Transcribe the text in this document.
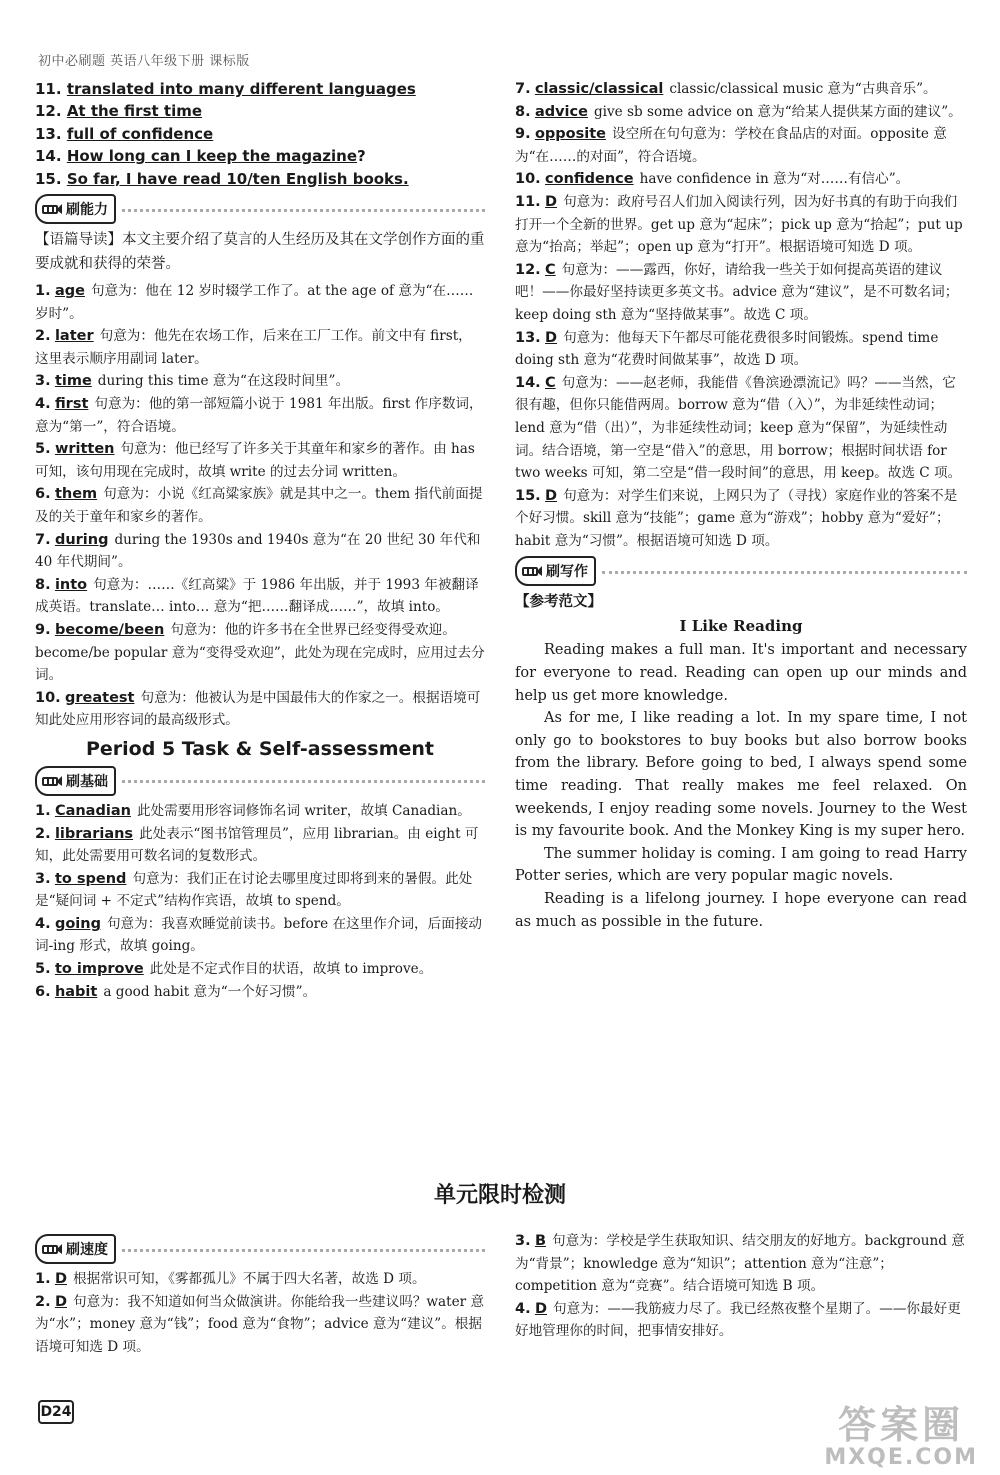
初中必刷题 英语八年级下册 课标版

11. translated into many different languages

12. At the first time

13. full of confidence

14. How long can I keep the magazine?

15. So far, I have read 10/ten English books.

刷能力

【语篇导读】本文主要介绍了莫言的人生经历及其在文学创作方面的重要成就和获得的荣誉。

1. age 句意为：他在 12 岁时辍学工作了。at the age of 意为“在……岁时”。

2. later 句意为：他先在农场工作，后来在工厂工作。前文中有 first，这里表示顺序用副词 later。

3. time during this time 意为“在这段时间里”。

4. first 句意为：他的第一部短篇小说于 1981 年出版。first 作序数词，意为“第一”，符合语境。

5. written 句意为：他已经写了许多关于其童年和家乡的著作。由 has 可知，该句用现在完成时，故填 write 的过去分词 written。

6. them 句意为：小说《红高粱家族》就是其中之一。them 指代前面提及的关于童年和家乡的著作。

7. during during the 1930s and 1940s 意为“在 20 世纪 30 年代和 40 年代期间”。

8. into 句意为：……《红高粱》于 1986 年出版，并于 1993 年被翻译成英语。translate… into… 意为“把……翻译成……”，故填 into。

9. become/been 句意为：他的许多书在全世界已经变得受欢迎。become/be popular 意为“变得受欢迎”，此处为现在完成时，应用过去分词。

10. greatest 句意为：他被认为是中国最伟大的作家之一。根据语境可知此处应用形容词的最高级形式。

Period 5 Task & Self-assessment
刷基础

1. Canadian 此处需要用形容词修饰名词 writer，故填 Canadian。

2. librarians 此处表示“图书馆管理员”，应用 librarian。由 eight 可知，此处需要用可数名词的复数形式。

3. to spend 句意为：我们正在讨论去哪里度过即将到来的暑假。此处是“疑问词 + 不定式”结构作宾语，故填 to spend。

4. going 句意为：我喜欢睡觉前读书。before 在这里作介词，后面接动词-ing 形式，故填 going。

5. to improve 此处是不定式作目的状语，故填 to improve。

6. habit a good habit 意为“一个好习惯”。

7. classic/classical classic/classical music 意为“古典音乐”。

8. advice give sb some advice on 意为“给某人提供某方面的建议”。

9. opposite 设空所在句句意为：学校在食品店的对面。opposite 意为“在……的对面”，符合语境。

10. confidence have confidence in 意为“对……有信心”。

11. D 句意为：政府号召人们加入阅读行列，因为好书真的有助于向我们打开一个全新的世界。get up 意为“起床”；pick up 意为“拾起”；put up 意为“抬高；举起”；open up 意为“打开”。根据语境可知选 D 项。

12. C 句意为：——露西，你好，请给我一些关于如何提高英语的建议吧！——你最好坚持读更多英文书。advice 意为“建议”，是不可数名词；keep doing sth 意为“坚持做某事”。故选 C 项。

13. D 句意为：他每天下午都尽可能花费很多时间锻炼。spend time doing sth 意为“花费时间做某事”，故选 D 项。

14. C 句意为：——赵老师，我能借《鲁滨逊漂流记》吗？——当然，它很有趣，但你只能借两周。borrow 意为“借（入）”，为非延续性动词；lend 意为“借（出）”，为非延续性动词；keep 意为“保留”，为延续性动词。结合语境，第一空是“借入”的意思，用 borrow；根据时间状语 for two weeks 可知，第二空是“借一段时间”的意思，用 keep。故选 C 项。

15. D 句意为：对学生们来说，上网只为了（寻找）家庭作业的答案不是个好习惯。skill 意为“技能”；game 意为“游戏”；hobby 意为“爱好”；habit 意为“习惯”。根据语境可知选 D 项。

刷写作
【参考范文】
I Like Reading

Reading makes a full man. It's important and necessary for everyone to read. Reading can open up our minds and help us get more knowledge.

As for me, I like reading a lot. In my spare time, I not only go to bookstores to buy books but also borrow books from the library. Before going to bed, I always spend some time reading. That really makes me feel relaxed. On weekends, I enjoy reading some novels. Journey to the West is my favourite book. And the Monkey King is my super hero.

The summer holiday is coming. I am going to read Harry Potter series, which are very popular magic novels.

Reading is a lifelong journey. I hope everyone can read as much as possible in the future.

单元限时检测
刷速度

1. D 根据常识可知，《雾都孤儿》不属于四大名著，故选 D 项。

2. D 句意为：我不知道如何当众做演讲。你能给我一些建议吗？water 意为“水”；money 意为“钱”；food 意为“食物”；advice 意为“建议”。根据语境可知选 D 项。

3. B 句意为：学校是学生获取知识、结交朋友的好地方。background 意为“背景”；knowledge 意为“知识”；attention 意为“注意”；competition 意为“竞赛”。结合语境可知选 B 项。

4. D 句意为：——我筋疲力尽了。我已经熬夜整个星期了。——你最好更好地管理你的时间，把事情安排好。

D24	答案圈
MXQE.COM
